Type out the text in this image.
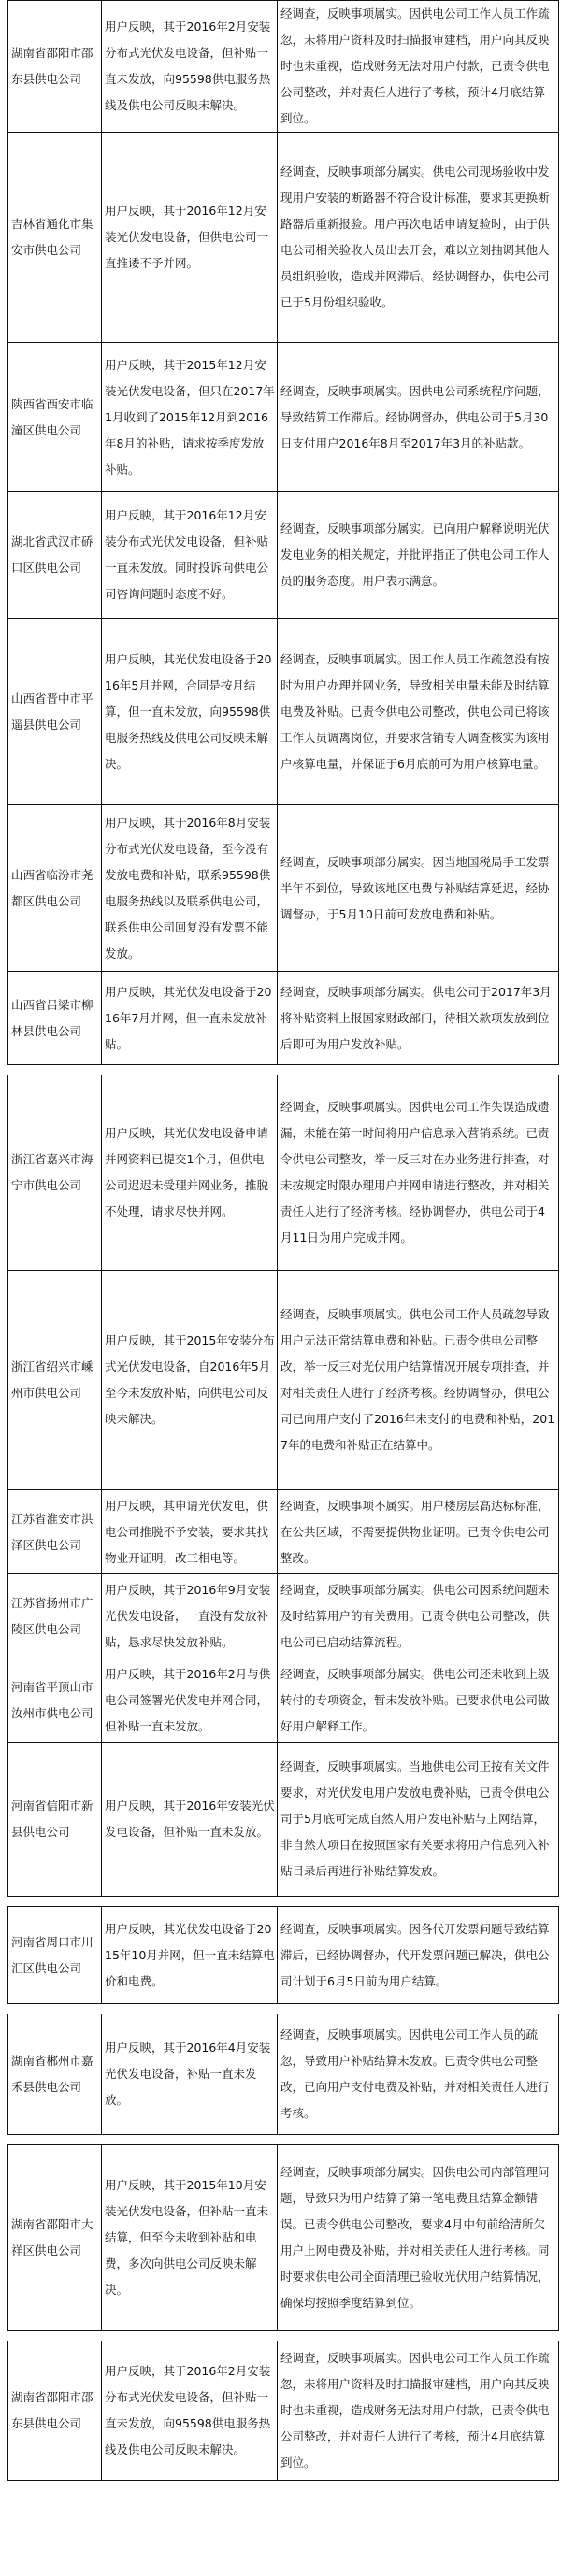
湖南省邵阳市邵东县供电公司
用户反映，其于2016年2月安装分布式光伏发电设备，但补贴一直未发放，向95598供电服务热线及供电公司反映未解决。
经调查，反映事项属实。因供电公司工作人员工作疏忽，未将用户资料及时扫描报审建档，用户向其反映时也未重视，造成财务无法对用户付款，已责令供电公司整改，并对责任人进行了考核，预计4月底结算到位。
吉林省通化市集安市供电公司
用户反映，其于2016年12月安装光伏发电设备，但供电公司一直推诿不予并网。
经调查，反映事项部分属实。供电公司现场验收中发现用户安装的断路器不符合设计标准，要求其更换断路器后重新报验。用户再次电话申请复验时，由于供电公司相关验收人员出去开会，难以立刻抽调其他人员组织验收，造成并网滞后。经协调督办，供电公司已于5月份组织验收。
陕西省西安市临潼区供电公司
用户反映，其于2015年12月安装光伏发电设备，但只在2017年1月收到了2015年12月到2016年8月的补贴，请求按季度发放补贴。
经调查，反映事项属实。因供电公司系统程序问题，导致结算工作滞后。经协调督办，供电公司于5月30日支付用户2016年8月至2017年3月的补贴款。
湖北省武汉市硚口区供电公司
用户反映，其于2016年12月安装分布式光伏发电设备，但补贴一直未发放。同时投诉向供电公司咨询问题时态度不好。
经调查，反映事项部分属实。已向用户解释说明光伏发电业务的相关规定，并批评指正了供电公司工作人员的服务态度。用户表示满意。
山西省晋中市平遥县供电公司
用户反映，其光伏发电设备于2016年5月并网，合同是按月结算，但一直未发放，向95598供电服务热线及供电公司反映未解决。
经调查，反映事项属实。因工作人员工作疏忽没有按时为用户办理并网业务，导致相关电量未能及时结算电费及补贴。已责令供电公司整改，供电公司已将该工作人员调离岗位，并要求营销专人调查核实为该用户核算电量，并保证于6月底前可为用户核算电量。
山西省临汾市尧都区供电公司
用户反映，其于2016年8月安装分布式光伏发电设备，至今没有发放电费和补贴，联系95598供电服务热线以及联系供电公司，联系供电公司回复没有发票不能发放。
经调查，反映事项部分属实。因当地国税局手工发票半年不到位，导致该地区电费与补贴结算延迟，经协调督办，于5月10日前可发放电费和补贴。
山西省吕梁市柳林县供电公司
用户反映，其光伏发电设备于2016年7月并网，但一直未发放补贴。
经调查，反映事项部分属实。供电公司于2017年3月将补贴资料上报国家财政部门，待相关款项发放到位后即可为用户发放补贴。
浙江省嘉兴市海宁市供电公司
用户反映，其光伏发电设备申请并网资料已提交1个月，但供电公司迟迟未受理并网业务，推脱不处理，请求尽快并网。
经调查，反映事项属实。因供电公司工作失误造成遗漏，未能在第一时间将用户信息录入营销系统。已责令供电公司整改，举一反三对在办业务进行排查，对未按规定时限办理用户并网申请进行整改，并对相关责任人进行了经济考核。经协调督办，供电公司于4月11日为用户完成并网。
浙江省绍兴市嵊州市供电公司
用户反映，其于2015年安装分布式光伏发电设备，自2016年5月至今未发放补贴，向供电公司反映未解决。
经调查，反映事项属实。供电公司工作人员疏忽导致用户无法正常结算电费和补贴。已责令供电公司整改，举一反三对光伏用户结算情况开展专项排查，并对相关责任人进行了经济考核。经协调督办，供电公司已向用户支付了2016年未支付的电费和补贴，2017年的电费和补贴正在结算中。
江苏省淮安市洪泽区供电公司
用户反映，其申请光伏发电，供电公司推脱不予安装，要求其找物业开证明，改三相电等。
经调查，反映事项不属实。用户楼房层高达标标准，在公共区域，不需要提供物业证明。已责令供电公司整改。
江苏省扬州市广陵区供电公司
用户反映，其于2016年9月安装光伏发电设备，一直没有发放补贴，恳求尽快发放补贴。
经调查，反映事项部分属实。供电公司因系统问题未及时结算用户的有关费用。已责令供电公司整改，供电公司已启动结算流程。
河南省平顶山市汝州市供电公司
用户反映，其于2016年2月与供电公司签署光伏发电并网合同，但补贴一直未发放。
经调查，反映事项部分属实。供电公司还未收到上级转付的专项资金，暂未发放补贴。已要求供电公司做好用户解释工作。
河南省信阳市新县供电公司
用户反映，其于2016年安装光伏发电设备，但补贴一直未发放。
经调查，反映事项属实。当地供电公司正按有关文件要求，对光伏发电用户发放电费补贴，已责令供电公司于5月底可完成自然人用户发电补贴与上网结算，非自然人项目在按照国家有关要求将用户信息列入补贴目录后再进行补贴结算发放。
河南省周口市川汇区供电公司
用户反映，其光伏发电设备于2015年10月并网，但一直未结算电价和电费。
经调查，反映事项属实。因各代开发票问题导致结算滞后，已经协调督办，代开发票问题已解决，供电公司计划于6月5日前为用户结算。
湖南省郴州市嘉禾县供电公司
用户反映，其于2016年4月安装光伏发电设备，补贴一直未发放。
经调查，反映事项属实。因供电公司工作人员的疏忽，导致用户补贴结算未发放。已责令供电公司整改，已向用户支付电费及补贴，并对相关责任人进行考核。
湖南省邵阳市大祥区供电公司
用户反映，其于2015年10月安装光伏发电设备，但补贴一直未结算，但至今未收到补贴和电费，多次向供电公司反映未解决。
经调查，反映事项部分属实。因供电公司内部管理问题，导致只为用户结算了第一笔电费且结算金额错误。已责令供电公司整改，要求4月中旬前给清所欠用户上网电费及补贴，并对相关责任人进行考核。同时要求供电公司全面清理已验收光伏用户结算情况，确保均按照季度结算到位。
湖南省邵阳市邵东县供电公司
用户反映，其于2016年2月安装分布式光伏发电设备，但补贴一直未发放，向95598供电服务热线及供电公司反映未解决。
经调查，反映事项属实。因供电公司工作人员工作疏忽，未将用户资料及时扫描报审建档，用户向其反映时也未重视，造成财务无法对用户付款，已责令供电公司整改，并对责任人进行了考核，预计4月底结算到位。
